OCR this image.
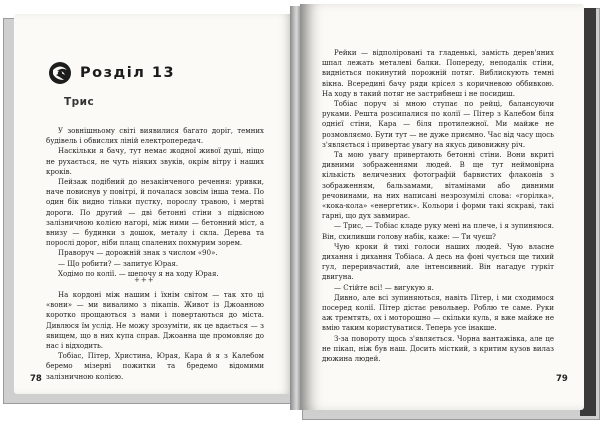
Розділ 13
Трис

У зовнішньому світі виявилися багато доріг, темних будівель і обвислих ліній електропередач.

Наскільки я бачу, тут немає жодної живої душі, ніщо не рухається, не чуть ніяких звуків, окрім вітру і наших кроків.

Пейзаж подібний до незакінченого речення: уривки, наче повиснув у повітрі, й почалася зовсім інша тема. По один бік видно тільки пустку, порослу травою, і мертві дороги. По другий — дві бетонні стіни з підвісною залізничною колією нагорі, між ними — бетонний міст, а внизу — будинки з дошок, металу і скла. Дерева та порослі дорог, ніби плащ спалених похмурим зорем.

Праворуч — дорожній знак з числом «90».

— Що робити? — запитує Юрая.

Ходімо по колії. — шепочу я на ходу Юрая.

+++

На кордоні між нашим і їхнім світом — так хто ці «вони» — ми вивалимо з пікапів. Живот із Джоанною коротко прощаються з нами і повертаються до міста. Дивлюся їм услід. Не можу зрозуміти, як це вдається — з явищем, що в них купа справ. Джоанна ще промовляє до нас і відходить.

Тобіас, Пітер, Христина, Юрая, Кара й я з Калебом беремо мізерні пожитки та бредемо відомими залізничною колією.

78

Рейки — відполіровані та гладенькі, замість дерев'яних шпал лежать металеві балки. Попереду, неподалік стіни, видніється покинутий порожній потяг. Виблискують темні вікна. Всередині бачу ряди крісел з коричневою оббивкою. На ходу в такий потяг не застрибнеш і не посидиш.

Тобіас поруч зі мною ступає по рейці, балансуючи руками. Решта розсипалися по колії — Пітер з Калебом біля однієї стіни, Кара — біля протилежної. Ми майже не розмовляємо. Бути тут — не дуже приємно. Час від часу щось з'являється і привертає увагу на якусь дивовижну річ.

Та мою увагу привертають бетонні стіни. Вони вкриті дивними зображеннями людей. В ще тут неймовірна кількість величезних фотографій барвистих флаконів з зображенням, бальзамами, вітамінами або дивними речовинами, на них написані незрозумілі слова: «горілка», «кока-кола» «енергетик». Кольори і форми такі яскраві, такі гарні, що дух завмирає.

— Трис, — Тобіас кладе руку мені на плече, і я зупиняюся. Він, схиливши голову набік, каже: — Ти чуєш?

Чую кроки й тихі голоси наших людей. Чую власне дихання і дихання Тобіаса. А десь на фоні чується ще тихий гул, переривчастий, але інтенсивний. Він нагадує гуркіт двигуна.

— Стійте всі! — вигукую я.

Дивно, але всі зупиняються, навіть Пітер, і ми сходимося посеред колії. Пітер дістає револьвер. Роблю те саме. Руки аж тремтять, ох і моторошно — скільки куль, я вже майже не вмію таким користуватися. Теперь усе інакше.

З-за повороту щось з'являється. Чорна вантажівка, але це не пікап, ніж був наш. Досить місткий, з критим кузов вилаз дюжина людей.

79
